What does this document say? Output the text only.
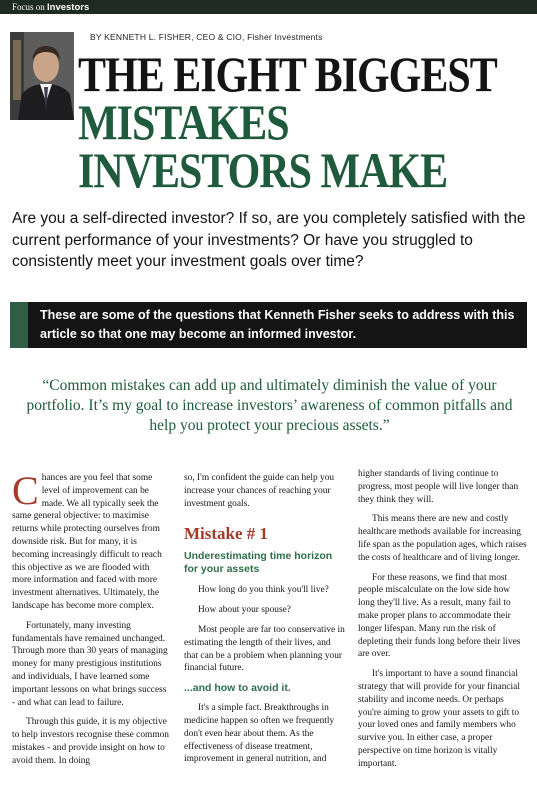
Focus on Investors
BY KENNETH L. FISHER, CEO & CIO, Fisher Investments
THE EIGHT BIGGEST
MISTAKES
INVESTORS MAKE
Are you a self-directed investor? If so, are you completely satisfied with the current performance of your investments? Or have you struggled to consistently meet your investment goals over time?
These are some of the questions that Kenneth Fisher seeks to address with this article so that one may become an informed investor.
“Common mistakes can add up and ultimately diminish the value of your portfolio. It’s my goal to increase investors’ awareness of common pitfalls and help you protect your precious assets.”

Chances are you feel that some level of improvement can be made. We all typically seek the same general objective: to maximise returns while protecting ourselves from downside risk. But for many, it is becoming increasingly difficult to reach this objective as we are flooded with more information and faced with more investment alternatives. Ultimately, the landscape has become more complex.

Fortunately, many investing fundamentals have remained unchanged. Through more than 30 years of managing money for many prestigious institutions and individuals, I have learned some important lessons on what brings success - and what can lead to failure.

Through this guide, it is my objective to help investors recognise these common mistakes - and provide insight on how to avoid them. In doing

so, I'm confident the guide can help you increase your chances of reaching your investment goals.

Mistake # 1
Underestimating time horizon for your assets

How long do you think you'll live?

How about your spouse?

Most people are far too conservative in estimating the length of their lives, and that can be a problem when planning your financial future.

...and how to avoid it.

It's a simple fact. Breakthroughs in medicine happen so often we frequently don't even hear about them. As the effectiveness of disease treatment, improvement in general nutrition, and

higher standards of living continue to progress, most people will live longer than they think they will.

This means there are new and costly healthcare methods available for increasing life span as the population ages, which raises the costs of healthcare and of living longer.

For these reasons, we find that most people miscalculate on the low side how long they'll live. As a result, many fail to make proper plans to accommodate their longer lifespan. Many run the risk of depleting their funds long before their lives are over.

It's important to have a sound financial strategy that will provide for your financial stability and income needs. Or perhaps you're aiming to grow your assets to gift to your loved ones and family members who survive you. In either case, a proper perspective on time horizon is vitally important.
